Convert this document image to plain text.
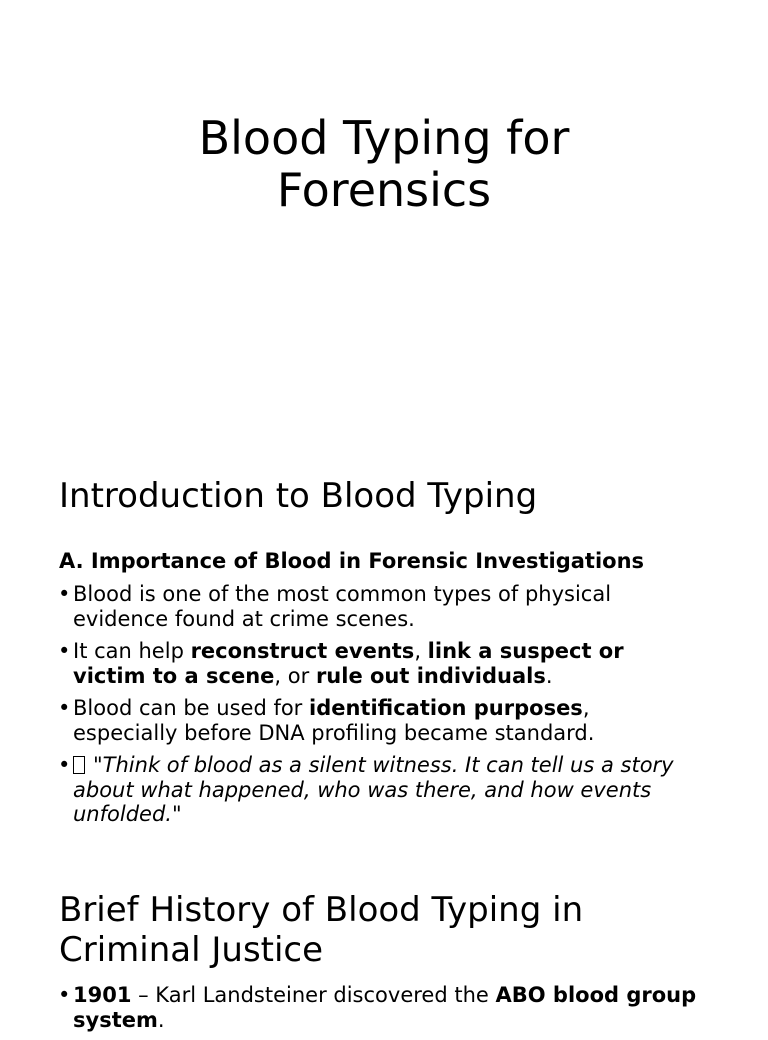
Blood Typing for
Forensics
Introduction to Blood Typing
A. Importance of Blood in Forensic Investigations
• Blood is one of the most common types of physical evidence found at crime scenes.
• It can help reconstruct events, link a suspect or victim to a scene, or rule out individuals.
• Blood can be used for identification purposes, especially before DNA profiling became standard.
• "Think of blood as a silent witness. It can tell us a story about what happened, who was there, and how events unfolded."
Brief History of Blood Typing in
Criminal Justice
• 1901 – Karl Landsteiner discovered the ABO blood group system.
